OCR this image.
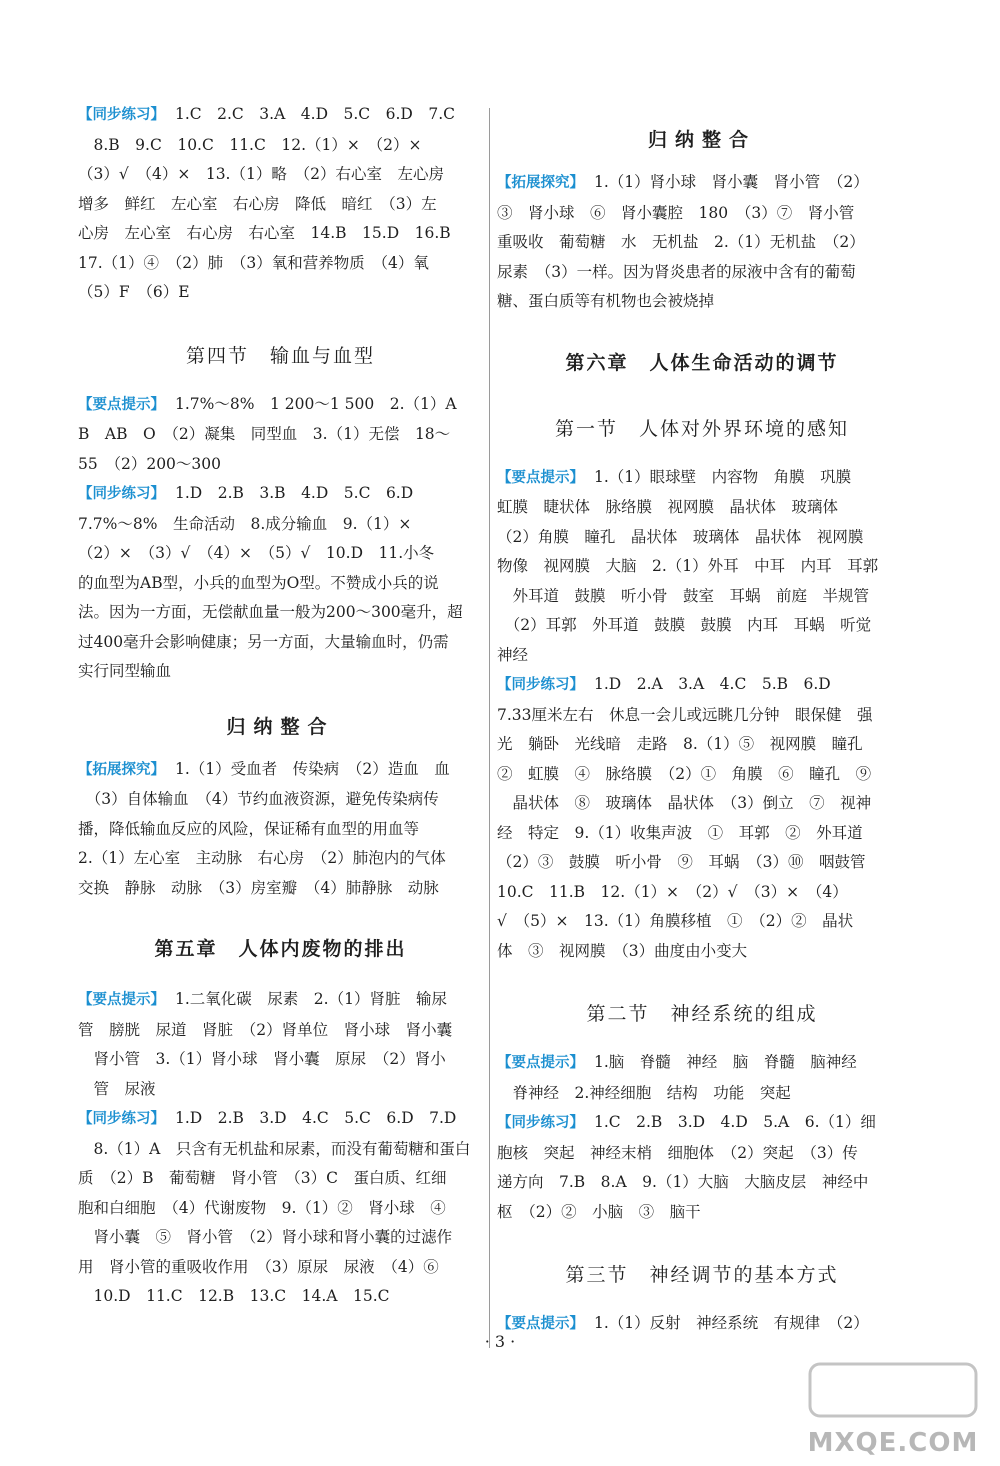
【同步练习】 1.C　2.C　3.A　4.D　5.C　6.D　7.C
　8.B　9.C　10.C　11.C　12.（1）×　（2）×
（3）√　（4）×　13.（1）略　（2）右心室　左心房
增多　鲜红　左心室　右心房　降低　暗红　（3）左
心房　左心室　右心房　右心室　14.B　15.D　16.B
17.（1）④　（2）肺　（3）氧和营养物质　（4）氧
（5）F　（6）E
第四节　输血与血型
【要点提示】 1.7%～8%　1 200～1 500　2.（1）A
B　AB　O　（2）凝集　同型血　3.（1）无偿　18～
55　（2）200～300
【同步练习】 1.D　2.B　3.B　4.D　5.C　6.D
7.7%～8%　生命活动　8.成分输血　9.（1）×
（2）×　（3）√　（4）×　（5）√　10.D　11.小冬
的血型为AB型，小兵的血型为O型。不赞成小兵的说
法。因为一方面，无偿献血量一般为200～300毫升，超
过400毫升会影响健康；另一方面，大量输血时，仍需
实行同型输血
归纳整合
【拓展探究】 1.（1）受血者　传染病　（2）造血　血
　（3）自体输血　（4）节约血液资源，避免传染病传
播，降低输血反应的风险，保证稀有血型的用血等
2.（1）左心室　主动脉　右心房　（2）肺泡内的气体
交换　静脉　动脉　（3）房室瓣　（4）肺静脉　动脉
第五章　人体内废物的排出
【要点提示】 1.二氧化碳　尿素　2.（1）肾脏　输尿
管　膀胱　尿道　肾脏　（2）肾单位　肾小球　肾小囊
　肾小管　3.（1）肾小球　肾小囊　原尿　（2）肾小
　管　尿液
【同步练习】 1.D　2.B　3.D　4.C　5.C　6.D　7.D
　8.（1）A　只含有无机盐和尿素，而没有葡萄糖和蛋白
质　（2）B　葡萄糖　肾小管　（3）C　蛋白质、红细
胞和白细胞　（4）代谢废物　9.（1）②　肾小球　④
　肾小囊　⑤　肾小管　（2）肾小球和肾小囊的过滤作
用　肾小管的重吸收作用　（3）原尿　尿液　（4）⑥
　10.D　11.C　12.B　13.C　14.A　15.C
归纳整合
【拓展探究】 1.（1）肾小球　肾小囊　肾小管　（2）
③　肾小球　⑥　肾小囊腔　180　（3）⑦　肾小管
重吸收　葡萄糖　水　无机盐　2.（1）无机盐　（2）
尿素　（3）一样。因为肾炎患者的尿液中含有的葡萄
糖、蛋白质等有机物也会被烧掉
第六章　人体生命活动的调节
第一节　人体对外界环境的感知
【要点提示】 1.（1）眼球壁　内容物　角膜　巩膜
虹膜　睫状体　脉络膜　视网膜　晶状体　玻璃体
（2）角膜　瞳孔　晶状体　玻璃体　晶状体　视网膜
物像　视网膜　大脑　2.（1）外耳　中耳　内耳　耳郭
　外耳道　鼓膜　听小骨　鼓室　耳蜗　前庭　半规管
　（2）耳郭　外耳道　鼓膜　鼓膜　内耳　耳蜗　听觉
神经
【同步练习】 1.D　2.A　3.A　4.C　5.B　6.D
7.33厘米左右　休息一会儿或远眺几分钟　眼保健　强
光　躺卧　光线暗　走路　8.（1）⑤　视网膜　瞳孔
②　虹膜　④　脉络膜　（2）①　角膜　⑥　瞳孔　⑨
　晶状体　⑧　玻璃体　晶状体　（3）倒立　⑦　视神
经　特定　9.（1）收集声波　①　耳郭　②　外耳道
（2）③　鼓膜　听小骨　⑨　耳蜗　（3）⑩　咽鼓管
10.C　11.B　12.（1）×　（2）√　（3）×　（4）
√　（5）×　13.（1）角膜移植　①　（2）②　晶状
体　③　视网膜　（3）曲度由小变大
第二节　神经系统的组成
【要点提示】 1.脑　脊髓　神经　脑　脊髓　脑神经
　脊神经　2.神经细胞　结构　功能　突起
【同步练习】 1.C　2.B　3.D　4.D　5.A　6.（1）细
胞核　突起　神经末梢　细胞体　（2）突起　（3）传
递方向　7.B　8.A　9.（1）大脑　大脑皮层　神经中
枢　（2）②　小脑　③　脑干
第三节　神经调节的基本方式
【要点提示】 1.（1）反射　神经系统　有规律　（2）
· 3 ·
MXQE.COM
